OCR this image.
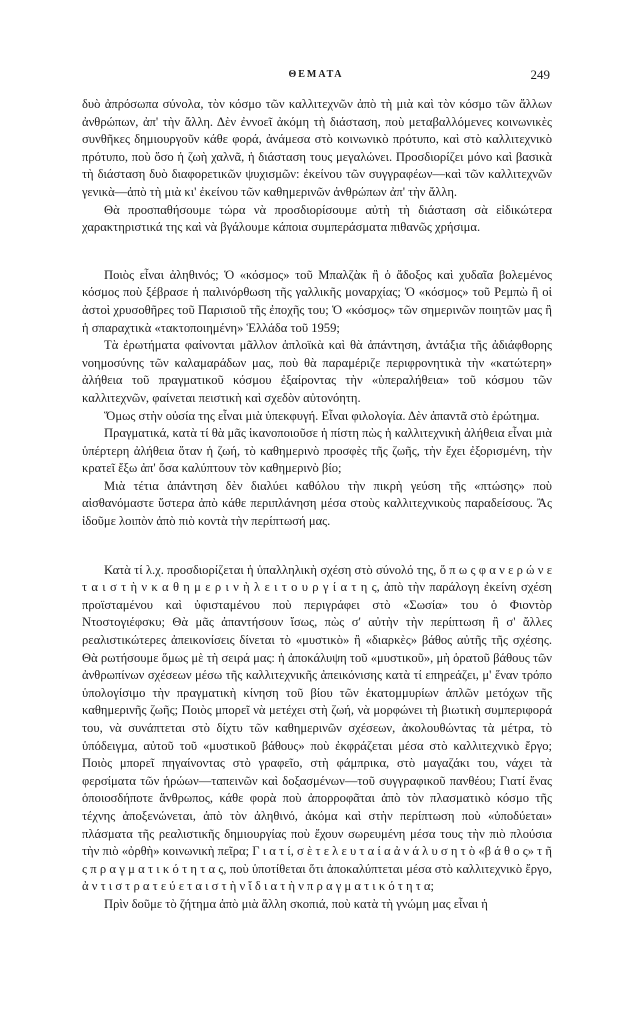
ΘΕΜΑΤΑ	249

δυὸ ἀπρόσωπα σύνολα, τὸν κόσμο τῶν καλλιτεχνῶν ἀπὸ τὴ μιὰ καὶ τὸν κόσμο τῶν ἄλλων ἀνθρώπων, ἀπ' τὴν ἄλλη. Δὲν ἐννοεῖ ἀκόμη τὴ διάσταση, ποὺ μεταβαλλόμενες κοινωνικὲς συνθῆκες δημιουργοῦν κάθε φορά, ἀνάμεσα στὸ κοινωνικὸ πρότυπο, καὶ στὸ καλλιτεχνικὸ πρότυπο, ποὺ ὅσο ἡ ζωὴ χαλνᾶ, ἡ διάσταση τους μεγαλώνει. Προσδιορίζει μόνο καὶ βασικὰ τὴ διάσταση δυὸ διαφορετικῶν ψυχισμῶν: ἐκείνου τῶν συγγραφέων—καὶ τῶν καλλιτεχνῶν γενικὰ—ἀπὸ τὴ μιὰ κι' ἐκείνου τῶν καθημερινῶν ἀνθρώπων ἀπ' τὴν ἄλλη.

Θὰ προσπαθήσουμε τώρα νὰ προσδιορίσουμε αὐτὴ τὴ διάσταση σὰ εἰδικώτερα χαρακτηριστικά της καὶ νὰ βγάλουμε κάποια συμπεράσματα πιθανῶς χρήσιμα.

Ποιὸς εἶναι ἀληθινός; Ὁ «κόσμος» τοῦ Μπαλζὰκ ἢ ὁ ἄδοξος καὶ χυδαῖα βολεμένος κόσμος ποὺ ξέβρασε ἡ παλινόρθωση τῆς γαλλικῆς μοναρχίας; Ὁ «κόσμος» τοῦ Ρεμπὼ ἢ οἱ ἀστοὶ χρυσοθῆρες τοῦ Παρισιοῦ τῆς ἐποχῆς του; Ὁ «κόσμος» τῶν σημερινῶν ποιητῶν μας ἢ ἡ σπαραχτικὰ «τακτοποιημένη» Ἑλλάδα τοῦ 1959;

Τὰ ἐρωτήματα φαίνονται μᾶλλον ἁπλοϊκὰ καὶ θὰ ἀπάντηση, ἀντάξια τῆς ἀδιάφθορης νοημοσύνης τῶν καλαμαράδων μας, ποὺ θὰ παραμέριζε περιφρονητικὰ τὴν «κατώτερη» ἀλήθεια τοῦ πραγματικοῦ κόσμου ἐξαίροντας τὴν «ὑπεραλήθεια» τοῦ κόσμου τῶν καλλιτεχνῶν, φαίνεται πειστικὴ καὶ σχεδὸν αὐτονόητη.

Ὅμως στὴν οὐσία της εἶναι μιὰ ὑπεκφυγή. Εἶναι φιλολογία. Δὲν ἀπαντᾶ στὸ ἐρώτημα.

Πραγματικά, κατὰ τί θὰ μᾶς ἱκανοποιοῦσε ἡ πίστη πὼς ἡ καλλιτεχνικὴ ἀλήθεια εἶναι μιὰ ὑπέρτερη ἀλήθεια ὅταν ἡ ζωή, τὸ καθημερινὸ προσφὲς τῆς ζωῆς, τὴν ἔχει ἐξορισμένη, τὴν κρατεῖ ἔξω ἀπ' ὅσα καλύπτουν τὸν καθημερινὸ βίο;

Μιὰ τέτια ἀπάντηση δὲν διαλύει καθόλου τὴν πικρὴ γεύση τῆς «πτώσης» ποὺ αἰσθανόμαστε ὕστερα ἀπὸ κάθε περιπλάνηση μέσα στοὺς καλλιτεχνικοὺς παραδείσους. Ἂς ἰδοῦμε λοιπὸν ἀπὸ πιὸ κοντὰ τὴν περίπτωσή μας.

Κατὰ τί λ.χ. προσδιορίζεται ἡ ὑπαλληλικὴ σχέση στὸ σύνολό της, ὅ π ω ς φ α ν ε ρ ώ ν ε τ α ι σ τ ὴ ν κ α θ η μ ε ρ ι ν ὴ λ ε ι τ ο υ ρ γ ί α τ η ς, ἀπὸ τὴν παράλογη ἐκείνη σχέση προϊσταμένου καὶ ὑφισταμένου ποὺ περιγράφει στὸ «Σωσία» του ὁ Φιοντὸρ Ντοστογιέφσκυ; Θὰ μᾶς ἀπαντήσουν ἴσως, πὼς σ' αὐτὴν τὴν περίπτωση ἢ σ' ἄλλες ρεαλιστικώτερες ἀπεικονίσεις δίνεται τὸ «μυστικὸ» ἢ «διαρκὲς» βάθος αὐτῆς τῆς σχέσης. Θὰ ρωτήσουμε ὅμως μὲ τὴ σειρά μας: ἡ ἀποκάλυψη τοῦ «μυστικοῦ», μὴ ὁρατοῦ βάθους τῶν ἀνθρωπίνων σχέσεων μέσω τῆς καλλιτεχνικῆς ἀπεικόνισης κατὰ τί επηρεάζει, μ' ἕναν τρόπο ὑπολογίσιμο τὴν πραγματικὴ κίνηση τοῦ βίου τῶν ἑκατομμυρίων ἁπλῶν μετόχων τῆς καθημερινῆς ζωῆς; Ποιὸς μπορεῖ νὰ μετέχει στὴ ζωή, νὰ μορφώνει τὴ βιωτικὴ συμπεριφορά του, νὰ συνάπτεται στὸ δίχτυ τῶν καθημερινῶν σχέσεων, ἀκολουθώντας τὰ μέτρα, τὸ ὑπόδειγμα, αὐτοῦ τοῦ «μυστικοῦ βάθους» ποὺ ἐκφράζεται μέσα στὸ καλλιτεχνικὸ ἔργο; Ποιὸς μπορεῖ πηγαίνοντας στὸ γραφεῖο, στὴ φάμπρικα, στὸ μαγαζάκι του, νάχει τὰ φερσίματα τῶν ἡρώων—ταπεινῶν καὶ δοξασμένων—τοῦ συγγραφικοῦ πανθέου; Γιατί ἕνας ὁποιοσδήποτε ἄνθρωπος, κάθε φορὰ ποὺ ἀπορροφᾶται ἀπὸ τὸν πλασματικὸ κόσμο τῆς τέχνης ἀποξενώνεται, ἀπὸ τὸν ἀληθινό, ἀκόμα καὶ στὴν περίπτωση ποὺ «ὑποδύεται» πλάσματα τῆς ρεαλιστικῆς δημιουργίας ποὺ ἔχουν σωρευμένη μέσα τους τὴν πιὸ πλούσια τὴν πιὸ «ὀρθὴ» κοινωνικὴ πεῖρα; Γ ι α τ ί, σ ὲ τ ε λ ε υ τ α ί α ἀ ν ά λ υ σ η τ ὸ «β ά θ ο ς» τ ῆ ς π ρ α γ μ α τ ι κ ό τ η τ α ς, ποὺ ὑποτίθεται ὅτι ἀποκαλύπτεται μέσα στὸ καλλιτεχνικὸ ἔργο, ἀ ν τ ι σ τ ρ α τ ε ύ ε τ α ι σ τ ὴ ν ἴ δ ι α τ ὴ ν π ρ α γ μ α τ ι κ ό τ η τ α;

Πρὶν δοῦμε τὸ ζήτημα ἀπὸ μιὰ ἄλλη σκοπιά, ποὺ κατὰ τὴ γνώμη μας εἶναι ἡ
